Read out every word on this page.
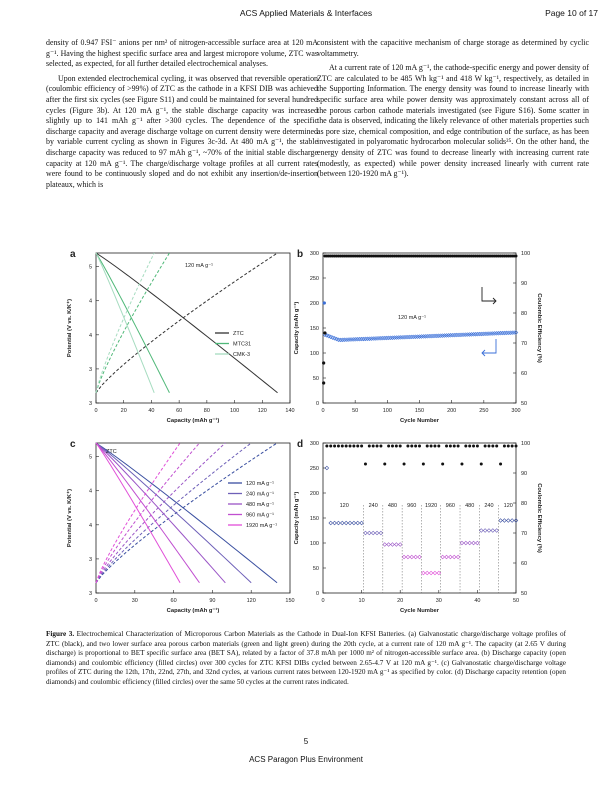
ACS Applied Materials & Interfaces	Page 10 of 17

density of 0.947 FSI⁻ anions per nm² of nitrogen-accessible surface area at 120 mA g⁻¹. Having the highest specific surface area and largest micropore volume, ZTC was selected, as expected, for all further detailed electrochemical analyses.

Upon extended electrochemical cycling, it was observed that reversible operation (coulombic efficiency of >99%) of ZTC as the cathode in a KFSI DIB was achieved after the first six cycles (see Figure S11) and could be maintained for several hundred cycles (Figure 3b). At 120 mA g⁻¹, the stable discharge capacity was increased slightly up to 141 mAh g⁻¹ after >300 cycles. The dependence of the specific discharge capacity and average discharge voltage on current density were determined by variable current cycling as shown in Figures 3c-3d. At 480 mA g⁻¹, the stable discharge capacity was reduced to 97 mAh g⁻¹, ~70% of the initial stable discharge capacity at 120 mA g⁻¹. The charge/discharge voltage profiles at all current rates were found to be continuously sloped and do not exhibit any insertion/de-insertion plateaux, which is

consistent with the capacitive mechanism of charge storage as determined by cyclic voltammetry.

At a current rate of 120 mA g⁻¹, the cathode-specific energy and power density of ZTC are calculated to be 485 Wh kg⁻¹ and 418 W kg⁻¹, respectively, as detailed in the Supporting Information. The energy density was found to increase linearly with specific surface area while power density was approximately constant across all of the porous carbon cathode materials investigated (see Figure S16). Some scatter in the data is observed, indicating the likely relevance of other materials properties such as pore size, chemical composition, and edge contribution of the surface, as has been investigated in polyaromatic hydrocarbon molecular solids²⁵. On the other hand, the energy density of ZTC was found to decrease linearly with increasing current rate (modestly, as expected) while power density increased linearly with current rate (between 120-1920 mA g⁻¹).

0	20	40	60	80	100	120	140
3
3
4
4
5
Capacity (mAh g⁻¹)
Potential (V vs. K/K⁺)
a
ZTC
MTC31
CMK-3
120 mA g⁻¹
0	50	100	150	200	250	300
0
50
100
150
200
250
300
50
60
70
80
90
100
Cycle Number
Capacity (mAh g⁻¹)	Coulombic Efficiency (%)
b
120 mA g⁻¹
0	30	60	90	120	150
3
3
4
4
5
Capacity (mAh g⁻¹)
Potential (V vs. K/K⁺)
c
120 mA g⁻¹
240 mA g⁻¹
480 mA g⁻¹
960 mA g⁻¹
1920 mA g⁻¹
ZTC
0	10	20	30	40	50
0
50
100
150
200
250
300
50
60
70
80
90
100
Cycle Number
Capacity (mAh g⁻¹)	Coulombic Efficiency (%)
d
120	240 480 960 1920 960 480 240 120
Figure 3. Electrochemical Characterization of Microporous Carbon Materials as the Cathode in Dual-Ion KFSI Batteries. (a) Galvanostatic charge/discharge voltage profiles of ZTC (black), and two lower surface area porous carbon materials (green and light green) during the 20th cycle, at a current rate of 120 mA g⁻¹. The capacity (at 2.65 V during discharge) is proportional to BET specific surface area (BET SA), related by a factor of 37.8 mAh per 1000 m² of nitrogen-accessible surface area. (b) Discharge capacity (open diamonds) and coulombic efficiency (filled circles) over 300 cycles for ZTC KFSI DIBs cycled between 2.65-4.7 V at 120 mA g⁻¹. (c) Galvanostatic charge/discharge voltage profiles of ZTC during the 12th, 17th, 22nd, 27th, and 32nd cycles, at various current rates between 120-1920 mA g⁻¹ as specified by color. (d) Discharge capacity retention (open diamonds) and coulombic efficiency (filled circles) over the same 50 cycles at the current rates indicated.
5
ACS Paragon Plus Environment
